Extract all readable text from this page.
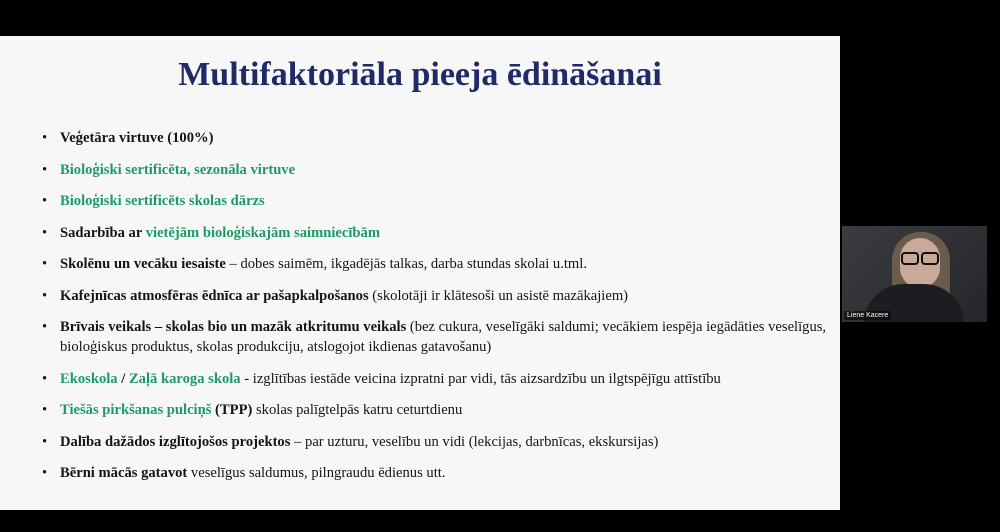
Multifaktoriāla pieeja ēdināšanai
• Veģetāra virtuve (100%)
• Bioloģiski sertificēta, sezonāla virtuve
• Bioloģiski sertificēts skolas dārzs
• Sadarbība ar vietējām bioloģiskajām saimniecībām
• Skolēnu un vecāku iesaiste – dobes saimēm, ikgadējās talkas, darba stundas skolai u.tml.
• Kafejnīcas atmosfēras ēdnīca ar pašapkalpošanos (skolotāji ir klātesoši un asistē mazākajiem)
• Brīvais veikals – skolas bio un mazāk atkritumu veikals (bez cukura, veselīgāki saldumi; vecākiem iespēja iegādāties veselīgus, bioloģiskus produktus, skolas produkciju, atslogojot ikdienas gatavošanu)
• Ekoskola / Zaļā karoga skola - izglītības iestāde veicina izpratni par vidi, tās aizsardzību un ilgtspējīgu attīstību
• Tiešās pirkšanas pulciņš (TPP) skolas palīgtelpās katru ceturtdienu
• Dalība dažādos izglītojošos projektos – par uzturu, veselību un vidi (lekcijas, darbnīcas, ekskursijas)
• Bērni mācās gatavot veselīgus saldumus, pilngraudu ēdienus utt.
Liene Kacere
